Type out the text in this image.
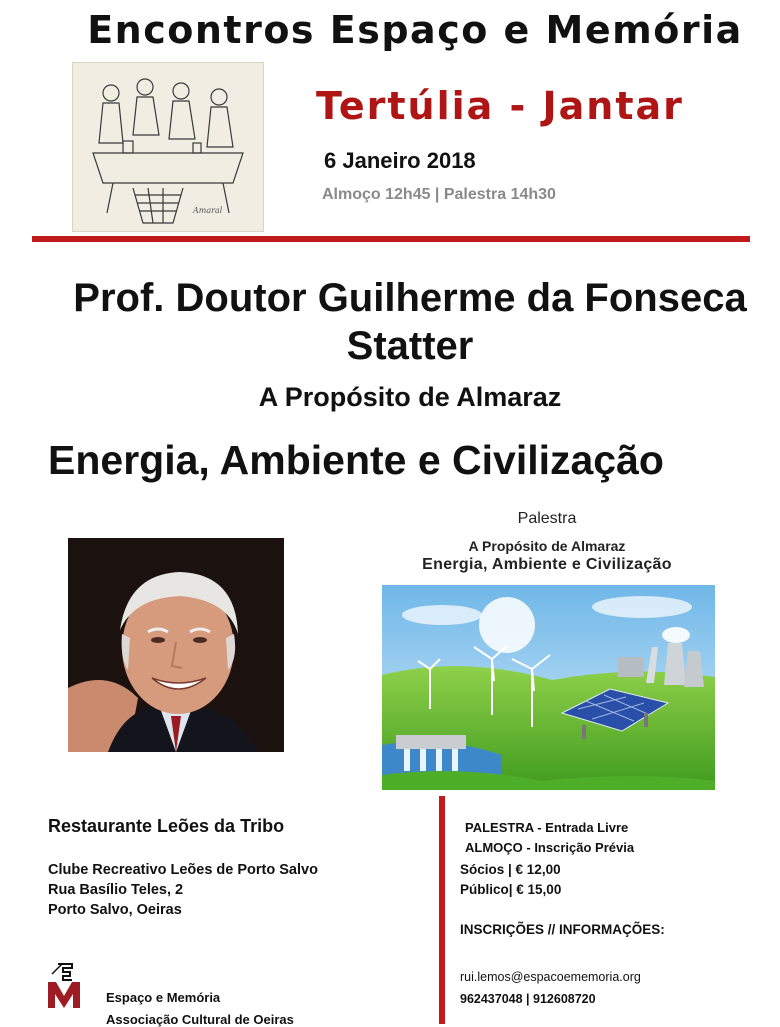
Encontros Espaço e Memória
Amaral
Tertúlia - Jantar
6 Janeiro 2018
Almoço 12h45 | Palestra 14h30
Prof. Doutor Guilherme da Fonseca Statter
A Propósito de Almaraz
Energia, Ambiente e Civilização
Palestra
A Propósito de Almaraz
Energia, Ambiente e Civilização
Restaurante Leões da Tribo
Clube Recreativo Leões de Porto Salvo
Rua Basílio Teles, 2
Porto Salvo, Oeiras
PALESTRA - Entrada Livre
ALMOÇO - Inscrição Prévia
Sócios | € 12,00
Público| € 15,00
INSCRIÇÕES // INFORMAÇÕES:
rui.lemos@espacoememoria.org
962437048 | 912608720
Espaço e Memória
Associação Cultural de Oeiras
